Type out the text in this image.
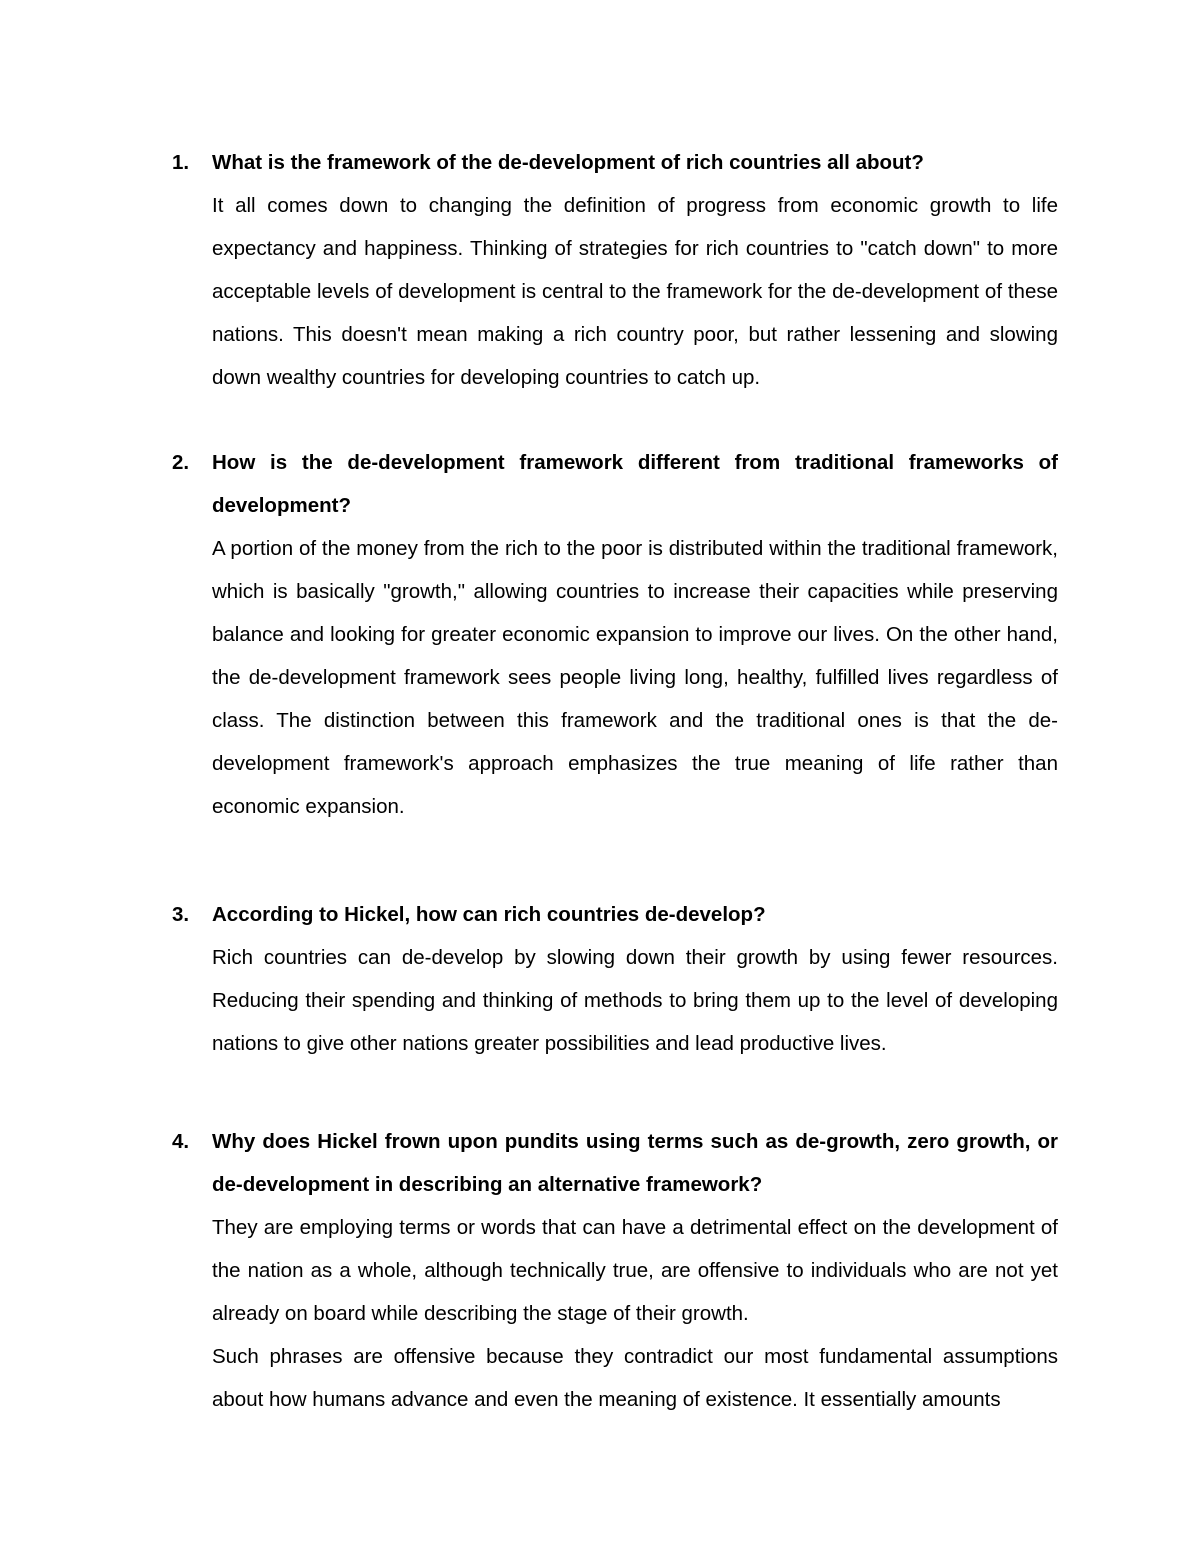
1.	What is the framework of the de-development of rich countries all about?

It all comes down to changing the definition of progress from economic growth to life expectancy and happiness. Thinking of strategies for rich countries to "catch down" to more acceptable levels of development is central to the framework for the de-development of these nations. This doesn't mean making a rich country poor, but rather lessening and slowing down wealthy countries for developing countries to catch up.

2.	How is the de-development framework different from traditional frameworks of development?

A portion of the money from the rich to the poor is distributed within the traditional framework, which is basically "growth," allowing countries to increase their capacities while preserving balance and looking for greater economic expansion to improve our lives. On the other hand, the de-development framework sees people living long, healthy, fulfilled lives regardless of class. The distinction between this framework and the traditional ones is that the de-development framework's approach emphasizes the true meaning of life rather than economic expansion.

3.	According to Hickel, how can rich countries de-develop?

Rich countries can de-develop by slowing down their growth by using fewer resources. Reducing their spending and thinking of methods to bring them up to the level of developing nations to give other nations greater possibilities and lead productive lives.

4.	Why does Hickel frown upon pundits using terms such as de-growth, zero growth, or de-development in describing an alternative framework?

They are employing terms or words that can have a detrimental effect on the development of the nation as a whole, although technically true, are offensive to individuals who are not yet already on board while describing the stage of their growth.

Such phrases are offensive because they contradict our most fundamental assumptions about how humans advance and even the meaning of existence. It essentially amounts
